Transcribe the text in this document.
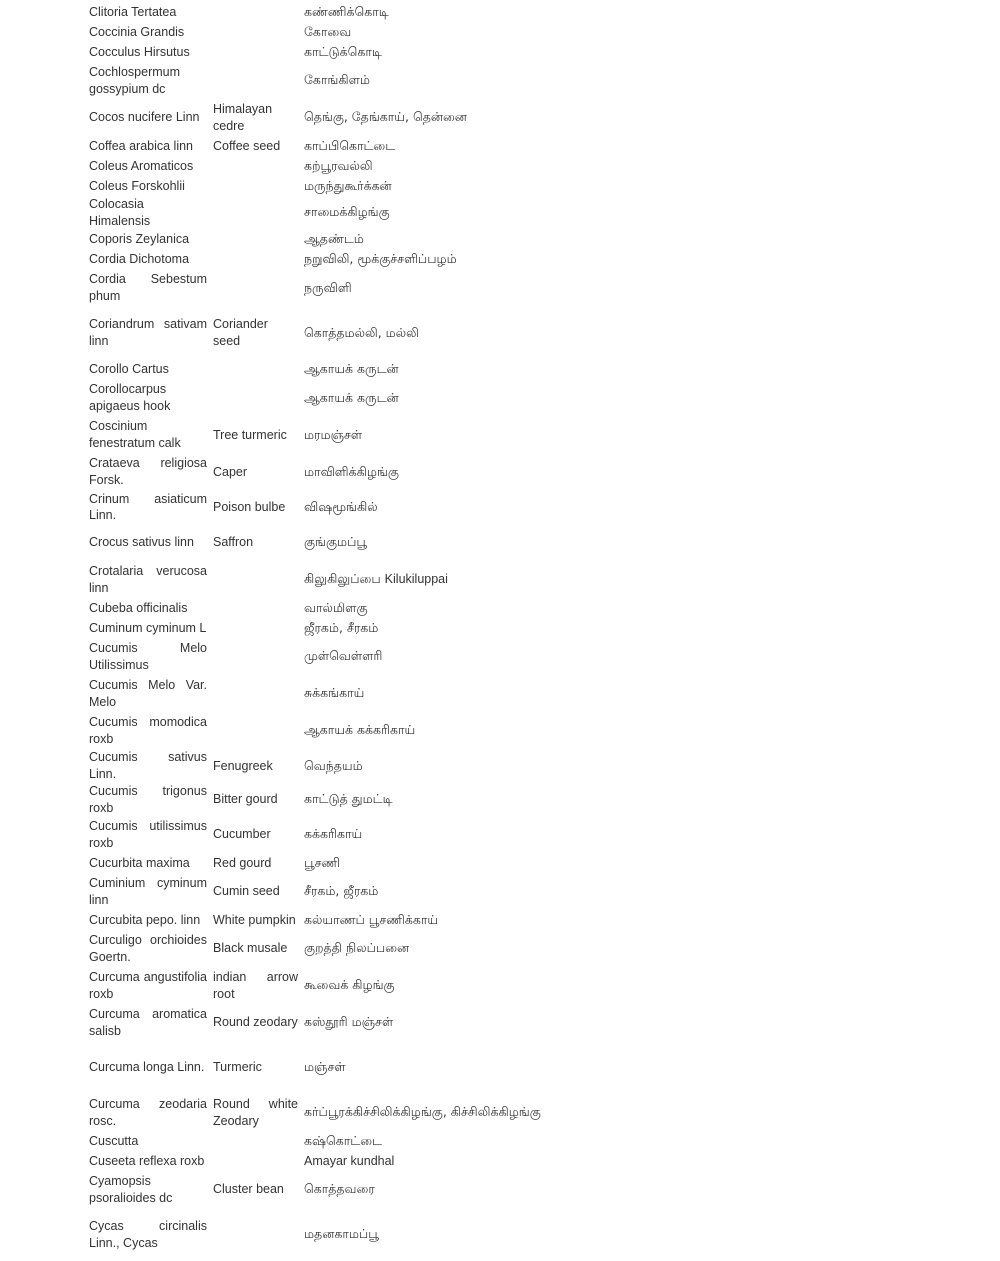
Clitoria Tertatea		கண்ணிக்கொடி
Coccinia Grandis		கோவை
Cocculus Hirsutus		காட்டுக்கொடி
Cochlospermum gossypium dc		கோங்கிளம்
Cocos nucifere Linn	Himalayan cedre	தெங்கு, தேங்காய், தென்னை
Coffea arabica linn	Coffee seed	காப்பிகொட்டை
Coleus Aromaticos		கற்பூரவல்லி
Coleus Forskohlii		மருந்துகூர்க்கன்
Colocasia Himalensis		சாமைக்கிழங்கு
Coporis Zeylanica		ஆதண்டம்
Cordia Dichotoma		நறுவிலி, மூக்குச்சளிப்பழம்
Cordia Sebestum phum		நருவிளி
Coriandrum sativam linn	Coriander seed	கொத்தமல்லி, மல்லி
Corollo Cartus		ஆகாயக் கருடன்
Corollocarpus apigaeus hook		ஆகாயக் கருடன்
Coscinium fenestratum calk	Tree turmeric	மரமஞ்சள்
Crataeva religiosa Forsk.	Caper	மாவிளிக்கிழங்கு
Crinum asiaticum Linn.	Poison bulbe	விஷமூங்கில்
Crocus sativus linn	Saffron	குங்குமப்பூ
Crotalaria verucosa linn		கிலுகிலுப்பை Kilukiluppai
Cubeba officinalis		வால்மிளகு
Cuminum cyminum L		ஜீரகம், சீரகம்
Cucumis Melo Utilissimus		முள்வெள்ளரி
Cucumis Melo Var. Melo		சுக்கங்காய்
Cucumis momodica roxb		ஆகாயக் கக்கரிகாய்
Cucumis sativus Linn.	Fenugreek	வெந்தயம்
Cucumis trigonus roxb	Bitter gourd	காட்டுத் துமட்டி
Cucumis utilissimus roxb	Cucumber	கக்கரிகாய்
Cucurbita maxima	Red gourd	பூசணி
Cuminium cyminum linn	Cumin seed	சீரகம், ஜீரகம்
Curcubita pepo. linn	White pumpkin	கல்யாணப் பூசணிக்காய்
Curculigo orchioides Goertn.	Black musale	குறத்தி நிலப்பனை
Curcuma angustifolia roxb	indian arrow root	கூவைக் கிழங்கு
Curcuma aromatica salisb	Round zeodary	கஸ்தூரி மஞ்சள்
Curcuma longa Linn.	Turmeric	மஞ்சள்
Curcuma zeodaria rosc.	Round white Zeodary	கர்ப்பூரக்கிச்சிலிக்கிழங்கு, கிச்சிலிக்கிழங்கு
Cuscutta		கஷ்கொட்டை
Cuseeta reflexa roxb		Amayar kundhal
Cyamopsis psoralioides dc	Cluster bean	கொத்தவரை
Cycas circinalis Linn., Cycas		மதனகாமப்பூ
